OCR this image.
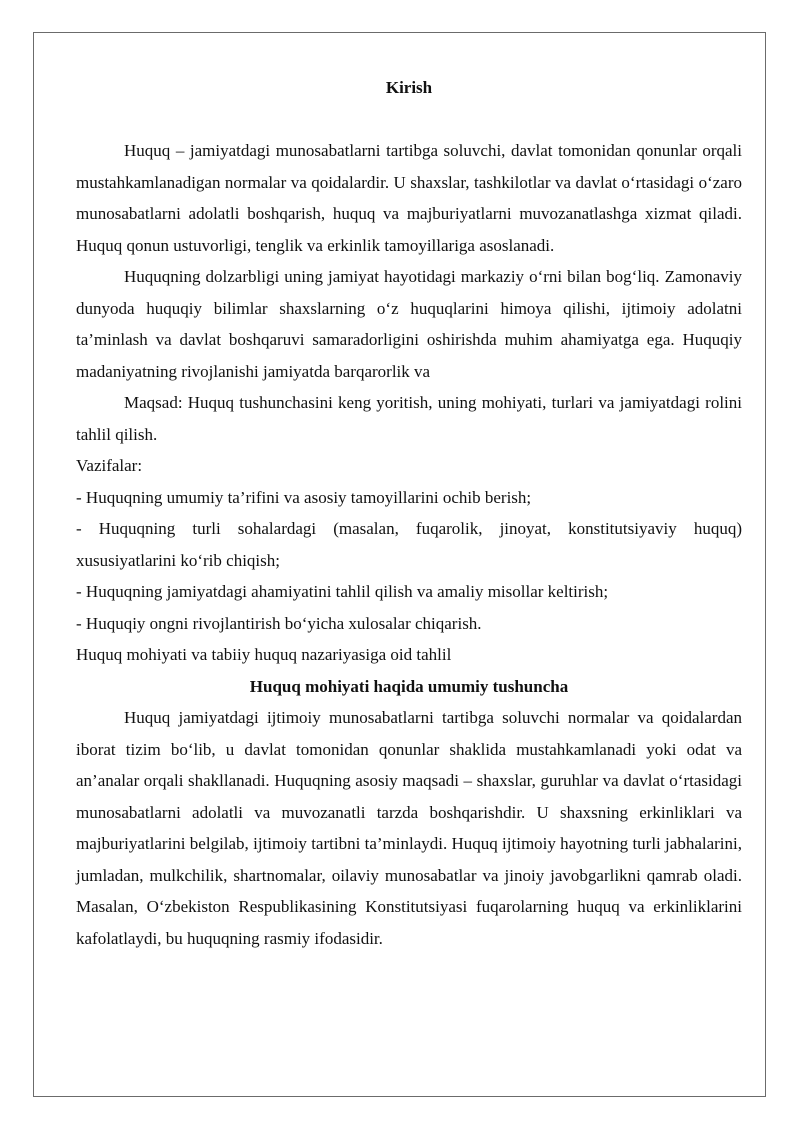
Kirish

Huquq – jamiyatdagi munosabatlarni tartibga soluvchi, davlat tomonidan qonunlar orqali mustahkamlanadigan normalar va qoidalardir. U shaxslar, tashkilotlar va davlat o‘rtasidagi o‘zaro munosabatlarni adolatli boshqarish, huquq va majburiyatlarni muvozanatlashga xizmat qiladi. Huquq qonun ustuvorligi, tenglik va erkinlik tamoyillariga asoslanadi.

Huquqning dolzarbligi uning jamiyat hayotidagi markaziy o‘rni bilan bog‘liq. Zamonaviy dunyoda huquqiy bilimlar shaxslarning o‘z huquqlarini himoya qilishi, ijtimoiy adolatni ta’minlash va davlat boshqaruvi samaradorligini oshirishda muhim ahamiyatga ega. Huquqiy madaniyatning rivojlanishi jamiyatda barqarorlik va

Maqsad: Huquq tushunchasini keng yoritish, uning mohiyati, turlari va jamiyatdagi rolini tahlil qilish.

Vazifalar:

- Huquqning umumiy ta’rifini va asosiy tamoyillarini ochib berish;

- Huquqning turli sohalardagi (masalan, fuqarolik, jinoyat, konstitutsiyaviy huquq) xususiyatlarini ko‘rib chiqish;

- Huquqning jamiyatdagi ahamiyatini tahlil qilish va amaliy misollar keltirish;

- Huquqiy ongni rivojlantirish bo‘yicha xulosalar chiqarish.

Huquq mohiyati va tabiiy huquq nazariyasiga oid tahlil

Huquq mohiyati haqida umumiy tushuncha

Huquq jamiyatdagi ijtimoiy munosabatlarni tartibga soluvchi normalar va qoidalardan iborat tizim bo‘lib, u davlat tomonidan qonunlar shaklida mustahkamlanadi yoki odat va an’analar orqali shakllanadi. Huquqning asosiy maqsadi – shaxslar, guruhlar va davlat o‘rtasidagi munosabatlarni adolatli va muvozanatli tarzda boshqarishdir. U shaxsning erkinliklari va majburiyatlarini belgilab, ijtimoiy tartibni ta’minlaydi. Huquq ijtimoiy hayotning turli jabhalarini, jumladan, mulkchilik, shartnomalar, oilaviy munosabatlar va jinoiy javobgarlikni qamrab oladi. Masalan, O‘zbekiston Respublikasining Konstitutsiyasi fuqarolarning huquq va erkinliklarini kafolatlaydi, bu huquqning rasmiy ifodasidir.
